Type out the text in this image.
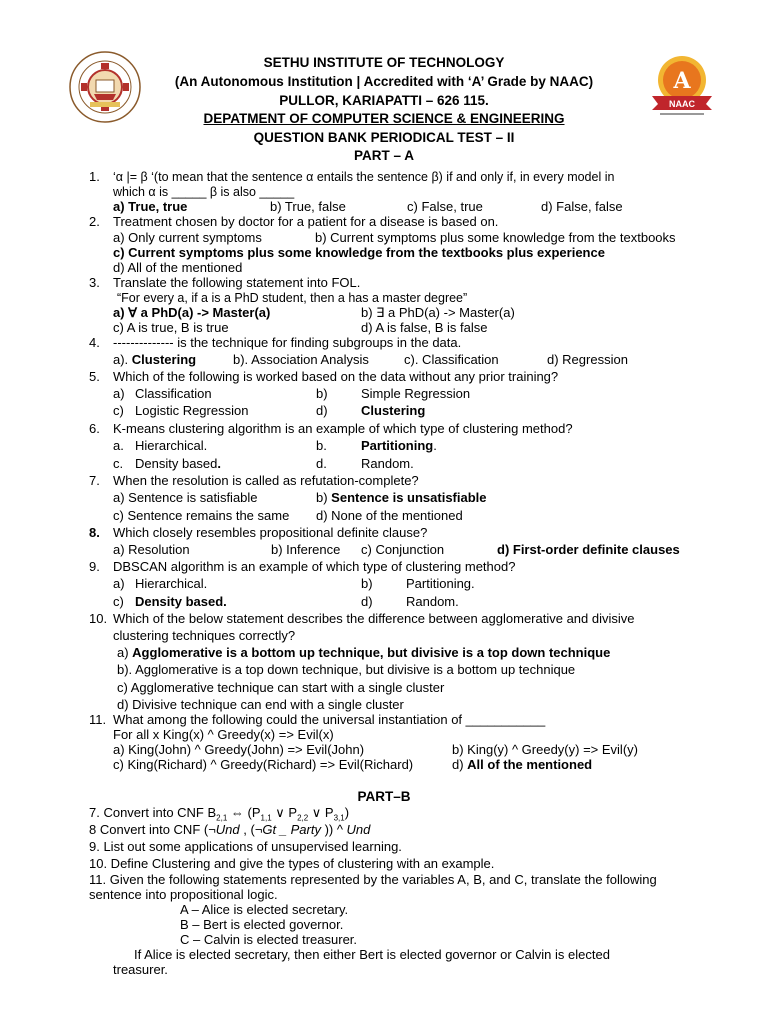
A
NAAC
SETHU INSTITUTE OF TECHNOLOGY
(An Autonomous Institution | Accredited with ‘A’ Grade by NAAC)
PULLOR, KARIAPATTI – 626 115.
DEPATMENT OF COMPUTER SCIENCE & ENGINEERING
QUESTION BANK PERIODICAL TEST – II
PART – A
1. ‘α |= β ‘(to mean that the sentence α entails the sentence β) if and only if, in every model in
which α is _____ β is also _____
a) True, true	b) True, false	c) False, true	d) False, false
2. Treatment chosen by doctor for a patient for a disease is based on.
a) Only current symptoms	b) Current symptoms plus some knowledge from the textbooks
c) Current symptoms plus some knowledge from the textbooks plus experience
d) All of the mentioned
3. Translate the following statement into FOL.
“For every a, if a is a PhD student, then a has a master degree”
a) ∀ a PhD(a) -> Master(a)	b) ∃ a PhD(a) -> Master(a)
c) A is true, B is true	d) A is false, B is false
4. -------------- is the technique for finding subgroups in the data.
a). Clustering	b). Association Analysis	c). Classification	d) Regression
5. Which of the following is worked based on the data without any prior training?
a) Classification	b)	Simple Regression
c) Logistic Regression	d)	Clustering
6. K-means clustering algorithm is an example of which type of clustering method?
a. Hierarchical.	b.	Partitioning.
c. Density based.	d.	Random.
7. When the resolution is called as refutation-complete?
a) Sentence is satisfiable	b) Sentence is unsatisfiable
c) Sentence remains the same d) None of the mentioned
8. Which closely resembles propositional definite clause?
a) Resolution	b) Inference c) Conjunction	d) First-order definite clauses
9. DBSCAN algorithm is an example of which type of clustering method?
a) Hierarchical.	b)	Partitioning.
c) Density based.	d)	Random.
10. Which of the below statement describes the difference between agglomerative and divisive
clustering techniques correctly?
a) Agglomerative is a bottom up technique, but divisive is a top down technique
b). Agglomerative is a top down technique, but divisive is a bottom up technique
c) Agglomerative technique can start with a single cluster
d) Divisive technique can end with a single cluster
11. What among the following could the universal instantiation of ___________
For all x King(x) ^ Greedy(x) => Evil(x)
a) King(John) ^ Greedy(John) => Evil(John)	b) King(y) ^ Greedy(y) => Evil(y)
c) King(Richard) ^ Greedy(Richard) => Evil(Richard)	d) All of the mentioned
PART–B
7. Convert into CNF $B_{2,1}$ ⇔ ($P_{1,1}$ ∨ $P_{2,2}$ ∨ $P_{3,1}$)
8 Convert into CNF (¬Und , (¬Gt _ Party )) ^ Und
9. List out some applications of unsupervised learning.
10. Define Clustering and give the types of clustering with an example.
11. Given the following statements represented by the variables A, B, and C, translate the following
sentence into propositional logic.
A – Alice is elected secretary.
B – Bert is elected governor.
C – Calvin is elected treasurer.
If Alice is elected secretary, then either Bert is elected governor or Calvin is elected
treasurer.
